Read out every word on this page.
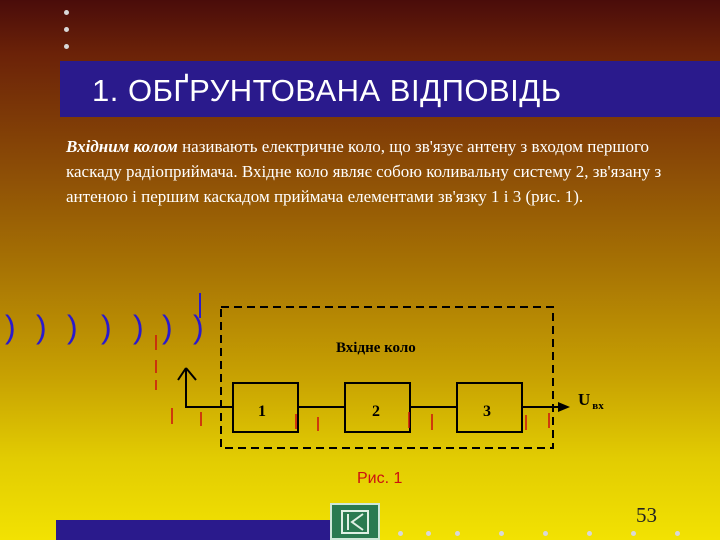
1. ОБҐРУНТОВАНА ВІДПОВІДЬ
Вхідним колом називають електричне коло, що зв'язує антену з входом першого каскаду радіоприймача. Вхідне коло являє собою коливальну систему 2, зв'язану з антеною і першим каскадом приймача елементами зв'язку 1 і 3 (рис. 1).
) ) ) ) ) ) )
Вхідне коло
1	2	3
U $_{вх}$
Рис. 1
53
